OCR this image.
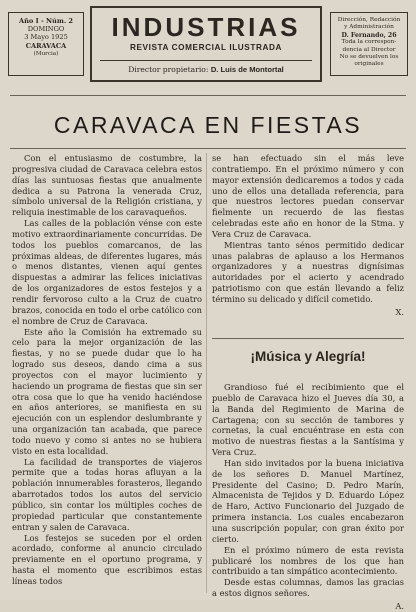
Año I - Núm. 2
DOMINGO
3 Mayo 1925
CARAVACA
(Murcia)
INDUSTRIAS
REVISTA COMERCIAL ILUSTRADA
Director propietario: D. Luis de Montortal
Dirección, Redacción
y Administración
D. Fernando, 26
Toda la correspon-
dencia al Director
No se devuelven los
originales
CARAVACA EN FIESTAS

Con el entusiasmo de costumbre, la progresiva ciudad de Caravaca celebra estos días las suntuosas fiestas que anualmente dedica a su Patrona la venerada Cruz, símbolo universal de la Religión cristiana, y reliquia inestimable de los caravaqueños.

Las calles de la población vénse con este motivo extraordinariamente concurridas. De todos los pueblos comarcanos, de las próximas aldeas, de diferentes lugares, más o menos distantes, vienen aquí gentes dispuestas a admirar las felices iniciativas de los organizadores de estos festejos y a rendir fervoroso culto a la Cruz de cuatro brazos, conocida en todo el orbe católico con el nombre de Cruz de Caravaca.

Este año la Comisión ha extremado su celo para la mejor organización de las fiestas, y no se puede dudar que lo ha logrado sus deseos, dando cima a sus proyectos con el mayor lucimiento y haciendo un programa de fiestas que sin ser otra cosa que lo que ha venido haciéndose en años anteriores, se manifiesta en su ejecución con un esplendor deslumbrante y una organización tan acabada, que parece todo nuevo y como si antes no se hubiera visto en esta localidad.

La facilidad de transportes de viajeros permite que a todas horas afluyan a la población innumerables forasteros, llegando abarrotados todos los autos del servicio público, sin contar los múltiples coches de propiedad particular que constantemente entran y salen de Caravaca.

Los festejos se suceden por el orden acordado, conforme al anuncio circulado previamente en el oportuno programa, y hasta el momento que escribimos estas líneas todos

se han efectuado sin el más leve contratiempo. En el próximo número y con mayor extensión dedicaremos a todos y cada uno de ellos una detallada referencia, para que nuestros lectores puedan conservar fielmente un recuerdo de las fiestas celebradas este año en honor de la Stma. y Vera Cruz de Caravaca.

Mientras tanto sénos permitido dedicar unas palabras de aplauso a los Hermanos organizadores y a nuestras dignísimas autoridades por el acierto y acendrado patriotismo con que están llevando a feliz término su delicado y difícil cometido.

X.
¡Música y Alegría!

Grandioso fué el recibimiento que el pueblo de Caravaca hizo el Jueves día 30, a la Banda del Regimiento de Marina de Cartagena; con su sección de tambores y cornetas, la cual encuéntrase en esta con motivo de nuestras fiestas a la Santísima y Vera Cruz.

Han sido invitados por la buena iniciativa de los señores D. Manuel Martínez, Presidente del Casino; D. Pedro Marín, Almacenista de Tejidos y D. Eduardo López de Haro, Activo Funcionario del Juzgado de primera instancia. Los cuales encabezaron una suscripción popular, con gran éxito por cierto.

En el próximo número de esta revista publicaré los nombres de los que han contribuido a tan simpático acontecimiento.

Desde estas columnas, damos las gracias a estos dignos señores.

A.
